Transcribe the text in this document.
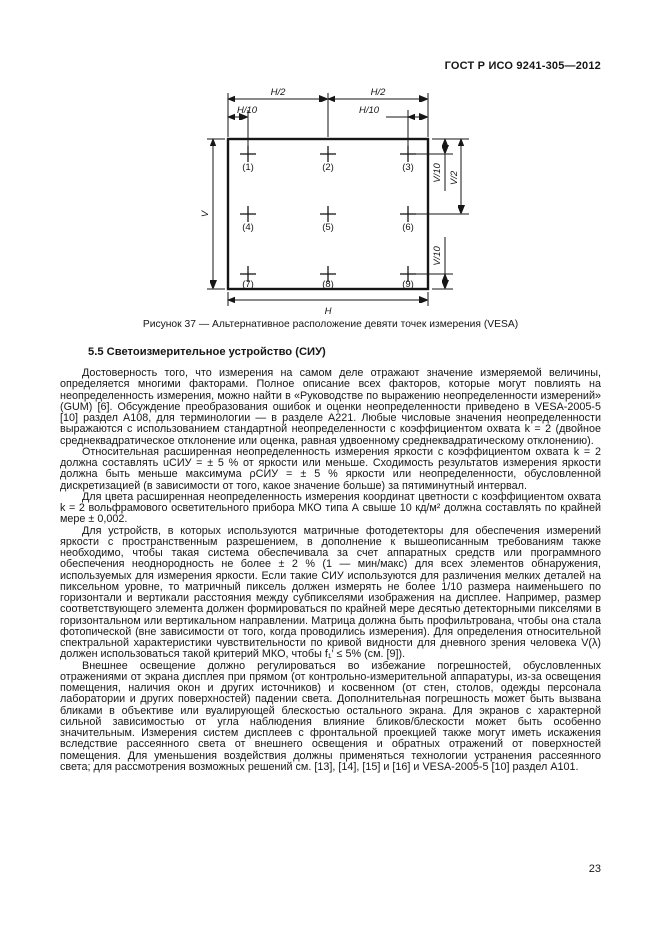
ГОСТ Р ИСО 9241-305—2012
H/2	H/2
H/10	H/10
V/10 V/2
V/10
V
H
(1)	(2)	(3)
(4)	(5)	(6)
(7)	(8)	(9)
Рисунок 37 — Альтернативное расположение девяти точек измерения (VESA)
5.5 Светоизмерительное устройство (СИУ)

Достоверность того, что измерения на самом деле отражают значение измеряемой величины, определяется многими факторами. Полное описание всех факторов, которые могут повлиять на неопределенность измерения, можно найти в «Руководстве по выражению неопределенности измерений» (GUM) [6]. Обсуждение преобразования ошибок и оценки неопределенности приведено в VESA-2005-5 [10] раздел А108, для терминологии — в разделе А221. Любые числовые значения неопределенности выражаются с использованием стандартной неопределенности с коэффициентом охвата k = 2 (двойное среднеквадратическое отклонение или оценка, равная удвоенному среднеквадратическому отклонению).

Относительная расширенная неопределенность измерения яркости с коэффициентом охвата k = 2 должна составлять uСИУ = ± 5 % от яркости или меньше. Сходимость результатов измерения яркости должна быть меньше максимума ρСИУ = ± 5 % яркости или неопределенности, обусловленной дискретизацией (в зависимости от того, какое значение больше) за пятиминутный интервал.

Для цвета расширенная неопределенность измерения координат цветности с коэффициентом охвата k = 2 вольфрамового осветительного прибора МКО типа А свыше 10 кд/м² должна составлять по крайней мере ± 0,002.

Для устройств, в которых используются матричные фотодетекторы для обеспечения измерений яркости с пространственным разрешением, в дополнение к вышеописанным требованиям также необходимо, чтобы такая система обеспечивала за счет аппаратных средств или программного обеспечения неоднородность не более ± 2 % (1 — мин/макс) для всех элементов обнаружения, используемых для измерения яркости. Если такие СИУ используются для различения мелких деталей на пиксельном уровне, то матричный пиксель должен измерять не более 1/10 размера наименьшего по горизонтали и вертикали расстояния между субпикселями изображения на дисплее. Например, размер соответствующего элемента должен формироваться по крайней мере десятью детекторными пикселями в горизонтальном или вертикальном направлении. Матрица должна быть профильтрована, чтобы она стала фотопической (вне зависимости от того, когда проводились измерения). Для определения относительной спектральной характеристики чувствительности по кривой видности для дневного зрения человека V(λ) должен использоваться такой критерий МКО, чтобы f₁′ ≤ 5% (см. [9]).

Внешнее освещение должно регулироваться во избежание погрешностей, обусловленных отражениями от экрана дисплея при прямом (от контрольно-измерительной аппаратуры, из-за освещения помещения, наличия окон и других источников) и косвенном (от стен, столов, одежды персонала лаборатории и других поверхностей) падении света. Дополнительная погрешность может быть вызвана бликами в объективе или вуалирующей блескостью остального экрана. Для экранов с характерной сильной зависимостью от угла наблюдения влияние бликов/блескости может быть особенно значительным. Измерения систем дисплеев с фронтальной проекцией также могут иметь искажения вследствие рассеянного света от внешнего освещения и обратных отражений от поверхностей помещения. Для уменьшения воздействия должны применяться технологии устранения рассеянного света; для рассмотрения возможных решений см. [13], [14], [15] и [16] и VESA-2005-5 [10] раздел А101.

23
